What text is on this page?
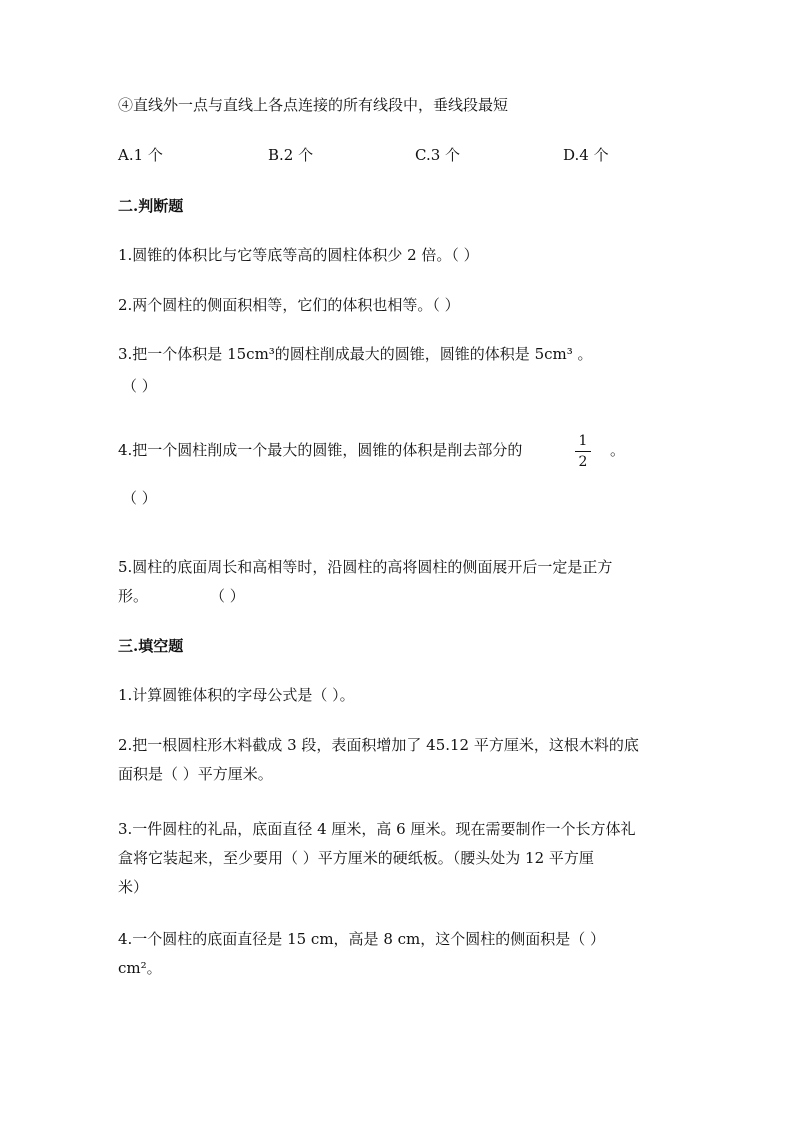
④直线外一点与直线上各点连接的所有线段中，垂线段最短
A.1 个	B.2 个	C.3 个	D.4 个
二.判断题
1.圆锥的体积比与它等底等高的圆柱体积少 2 倍。（ ）
2.两个圆柱的侧面积相等，它们的体积也相等。（ ）
3.把一个体积是 15cm³的圆柱削成最大的圆锥，圆锥的体积是 5cm³ 。
（ ）
4.把一个圆柱削成一个最大的圆锥，圆锥的体积是削去部分的	1
2
。
（ ）
5.圆柱的底面周长和高相等时，沿圆柱的高将圆柱的侧面展开后一定是正方
形。	（ ）
三.填空题
1.计算圆锥体积的字母公式是（ ）。
2.把一根圆柱形木料截成 3 段，表面积增加了 45.12 平方厘米，这根木料的底
面积是（ ）平方厘米。
3.一件圆柱的礼品，底面直径 4 厘米，高 6 厘米。现在需要制作一个长方体礼
盒将它装起来，至少要用（ ）平方厘米的硬纸板。（腰头处为 12 平方厘
米）
4.一个圆柱的底面直径是 15 cm，高是 8 cm，这个圆柱的侧面积是（ ）
cm²。
